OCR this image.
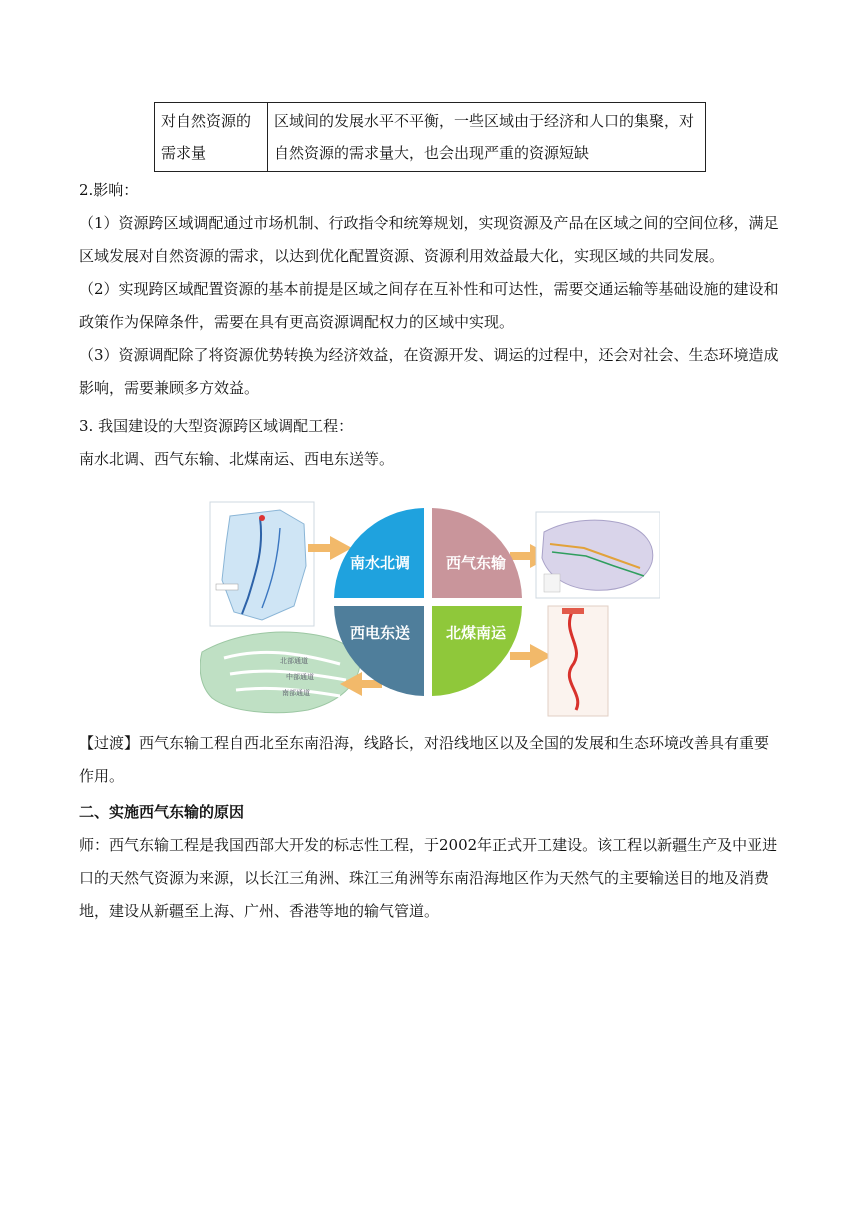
对自然资源的需求量	区域间的发展水平不平衡，一些区域由于经济和人口的集聚，对自然资源的需求量大，也会出现严重的资源短缺

2.影响：

（1）资源跨区域调配通过市场机制、行政指令和统筹规划，实现资源及产品在区域之间的空间位移，满足区域发展对自然资源的需求，以达到优化配置资源、资源利用效益最大化，实现区域的共同发展。

（2）实现跨区域配置资源的基本前提是区域之间存在互补性和可达性，需要交通运输等基础设施的建设和政策作为保障条件，需要在具有更高资源调配权力的区域中实现。

（3）资源调配除了将资源优势转换为经济效益，在资源开发、调运的过程中，还会对社会、生态环境造成影响，需要兼顾多方效益。

3. 我国建设的大型资源跨区域调配工程：

南水北调、西气东输、北煤南运、西电东送等。

北部通道
中部通道
南部通道
南水北调 西气东输
西电东送 北煤南运

【过渡】西气东输工程自西北至东南沿海，线路长，对沿线地区以及全国的发展和生态环境改善具有重要作用。

二、实施西气东输的原因

师：西气东输工程是我国西部大开发的标志性工程，于2002年正式开工建设。该工程以新疆生产及中亚进口的天然气资源为来源，以长江三角洲、珠江三角洲等东南沿海地区作为天然气的主要输送目的地及消费地，建设从新疆至上海、广州、香港等地的输气管道。
